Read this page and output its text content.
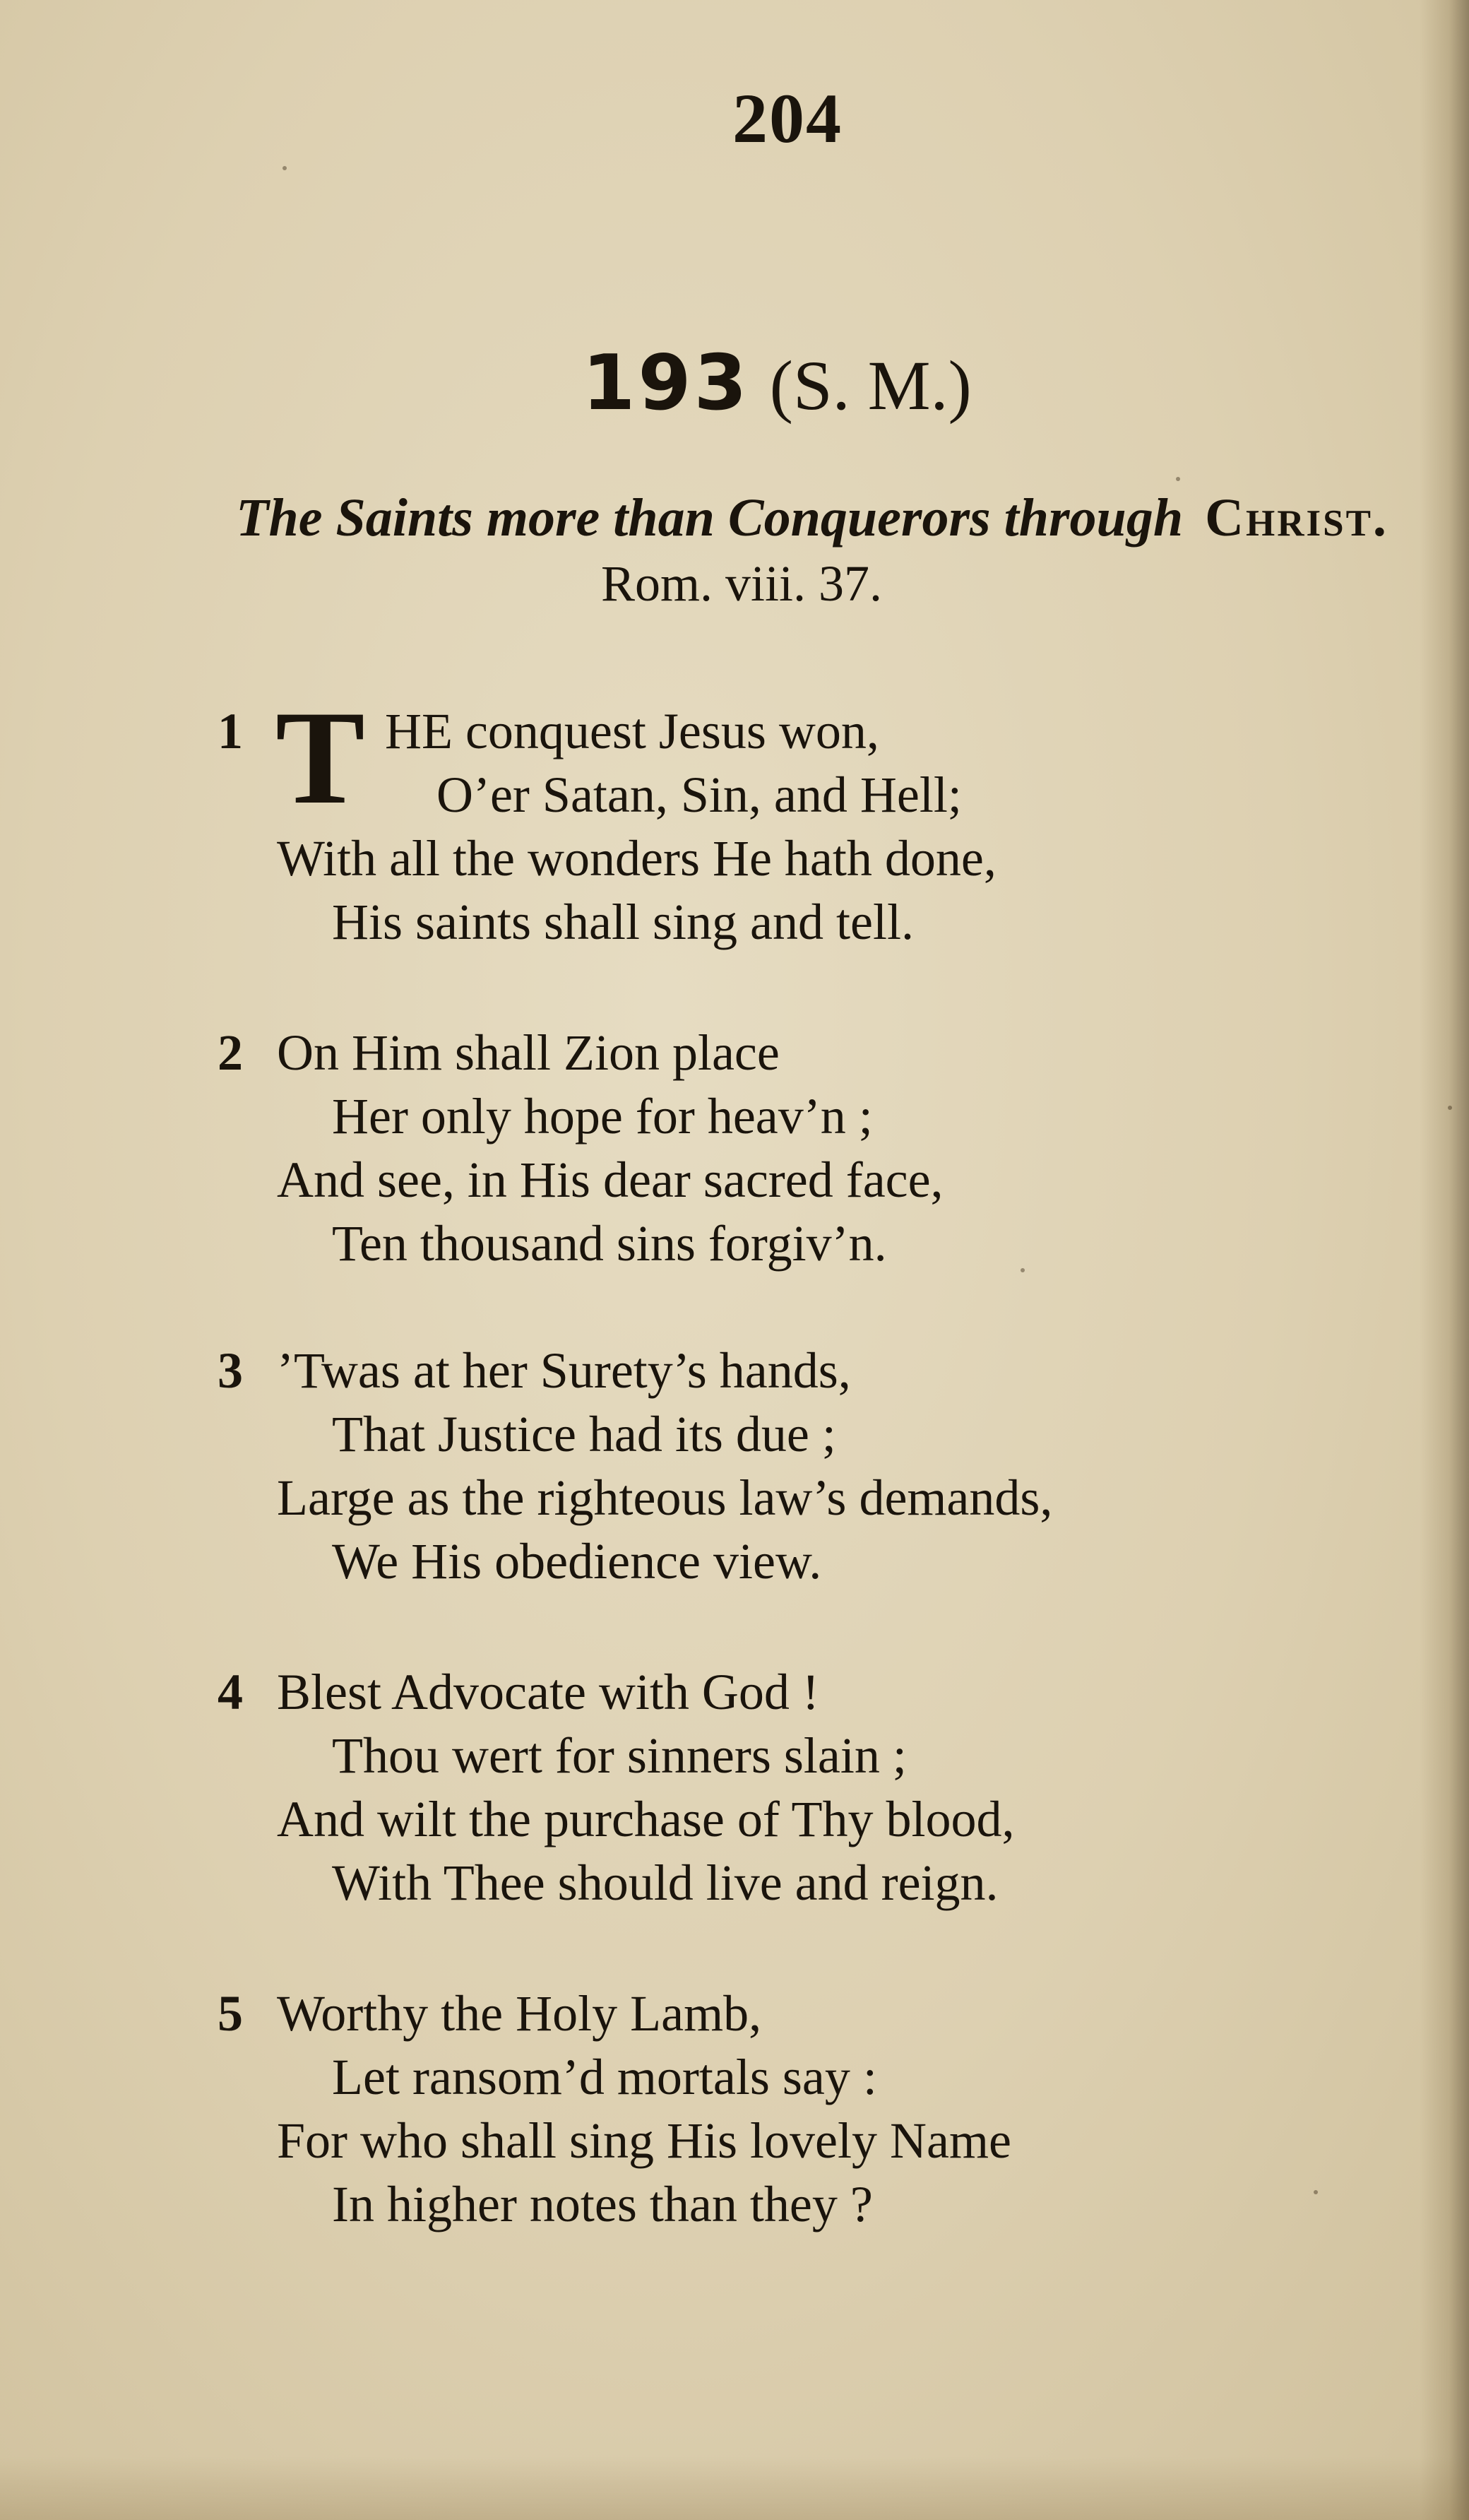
204
193 (S. M.)
The Saints more than Conquerors through Christ.
Rom. viii. 37.
1	HE conquest Jesus won,
O’er Satan, Sin, and Hell;
With all the wonders He hath done,
His saints shall sing and tell.
T
2 On Him shall Zion place
Her only hope for heav’n ;
And see, in His dear sacred face,
Ten thousand sins forgiv’n.
3 ’Twas at her Surety’s hands,
That Justice had its due ;
Large as the righteous law’s demands,
We His obedience view.
4 Blest Advocate with God !
Thou wert for sinners slain ;
And wilt the purchase of Thy blood,
With Thee should live and reign.
5 Worthy the Holy Lamb,
Let ransom’d mortals say :
For who shall sing His lovely Name
In higher notes than they ?
